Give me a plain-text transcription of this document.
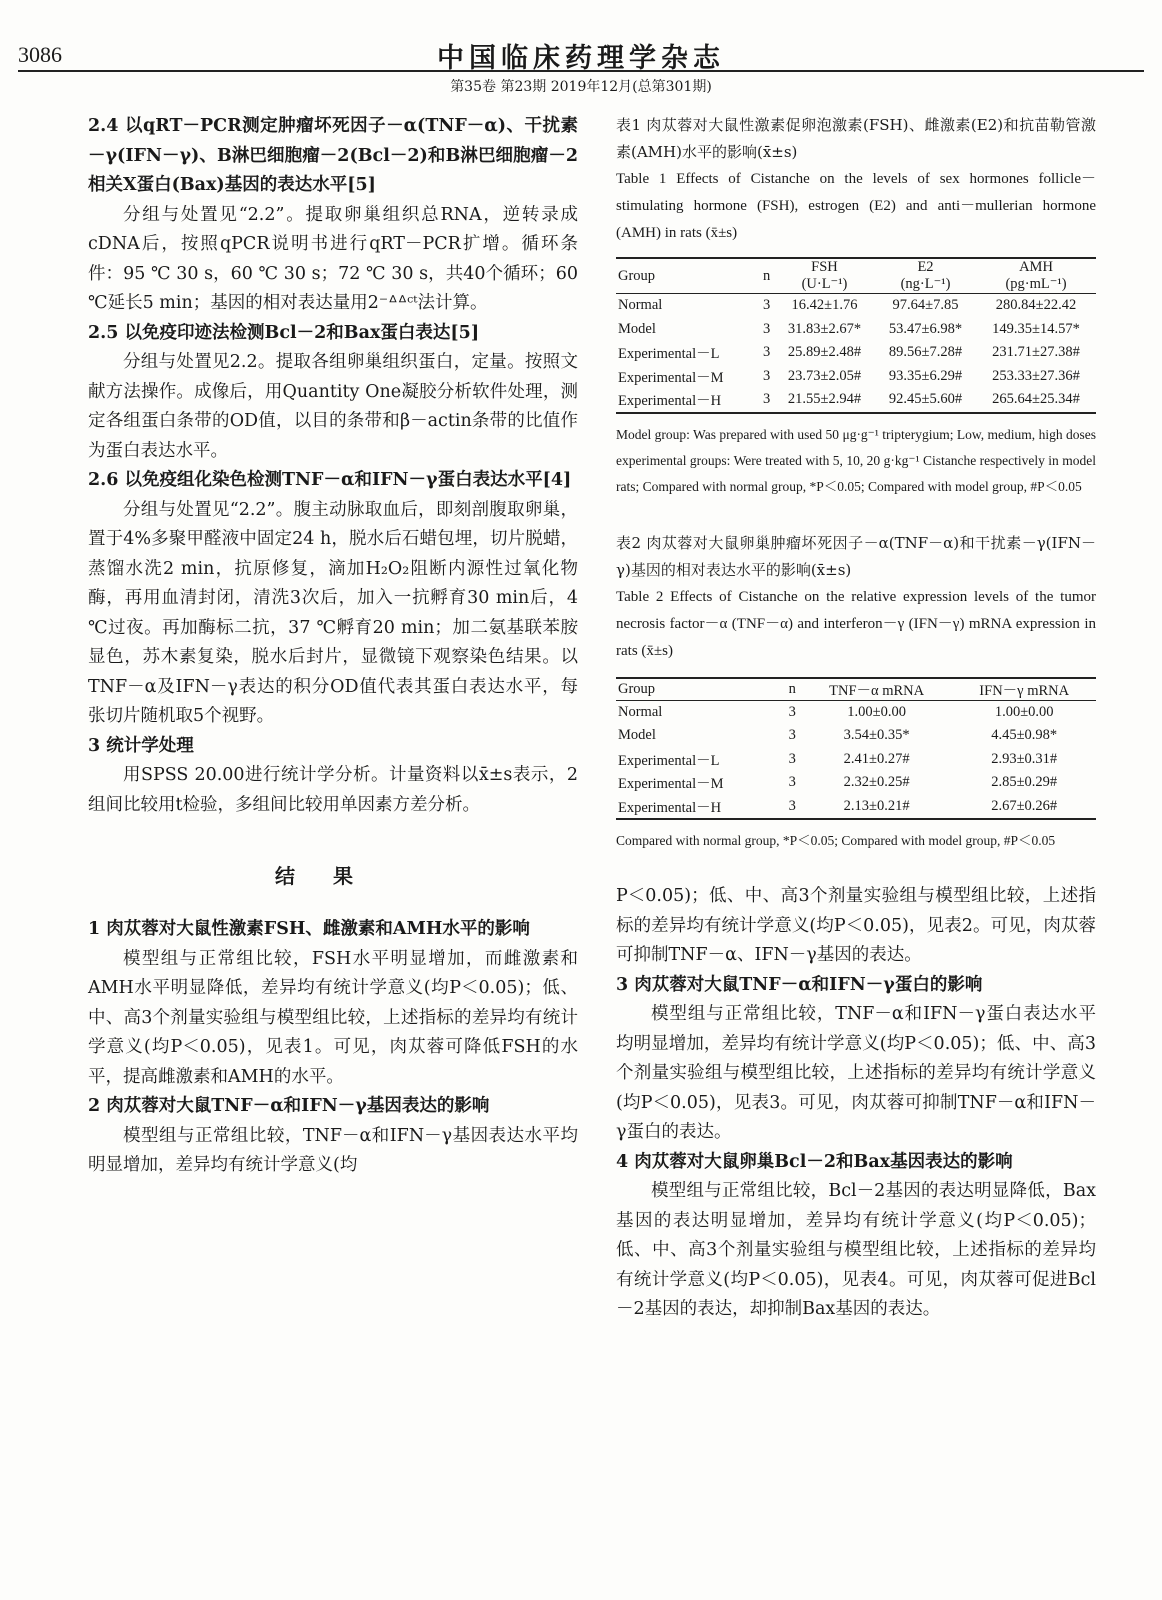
3086	中国临床药理学杂志
第35卷 第23期 2019年12月(总第301期)

2.4 以qRT－PCR测定肿瘤坏死因子－α(TNF－α)、干扰素－γ(IFN－γ)、B淋巴细胞瘤－2(Bcl－2)和B淋巴细胞瘤－2相关X蛋白(Bax)基因的表达水平[5]

分组与处置见“2.2”。提取卵巢组织总RNA，逆转录成cDNA后，按照qPCR说明书进行qRT－PCR扩增。循环条件：95 ℃ 30 s，60 ℃ 30 s；72 ℃ 30 s，共40个循环；60 ℃延长5 min；基因的相对表达量用2⁻ᐞᐞᶜᵗ法计算。

2.5 以免疫印迹法检测Bcl－2和Bax蛋白表达[5]

分组与处置见2.2。提取各组卵巢组织蛋白，定量。按照文献方法操作。成像后，用Quantity One凝胶分析软件处理，测定各组蛋白条带的OD值，以目的条带和β－actin条带的比值作为蛋白表达水平。

2.6 以免疫组化染色检测TNF－α和IFN－γ蛋白表达水平[4]

分组与处置见“2.2”。腹主动脉取血后，即刻剖腹取卵巢，置于4%多聚甲醛液中固定24 h，脱水后石蜡包埋，切片脱蜡，蒸馏水洗2 min，抗原修复，滴加H₂O₂阻断内源性过氧化物酶，再用血清封闭，清洗3次后，加入一抗孵育30 min后，4 ℃过夜。再加酶标二抗，37 ℃孵育20 min；加二氨基联苯胺显色，苏木素复染，脱水后封片，显微镜下观察染色结果。以TNF－α及IFN－γ表达的积分OD值代表其蛋白表达水平，每张切片随机取5个视野。

3 统计学处理

用SPSS 20.00进行统计学分析。计量资料以x̄±s表示，2组间比较用t检验，多组间比较用单因素方差分析。

结果

1 肉苁蓉对大鼠性激素FSH、雌激素和AMH水平的影响

模型组与正常组比较，FSH水平明显增加，而雌激素和AMH水平明显降低，差异均有统计学意义(均P＜0.05)；低、中、高3个剂量实验组与模型组比较，上述指标的差异均有统计学意义(均P＜0.05)，见表1。可见，肉苁蓉可降低FSH的水平，提高雌激素和AMH的水平。

2 肉苁蓉对大鼠TNF－α和IFN－γ基因表达的影响

模型组与正常组比较，TNF－α和IFN－γ基因表达水平均明显增加，差异均有统计学意义(均

表1 肉苁蓉对大鼠性激素促卵泡激素(FSH)、雌激素(E2)和抗苗勒管激素(AMH)水平的影响(x̄±s)

Table 1 Effects of Cistanche on the levels of sex hormones follicle－stimulating hormone (FSH), estrogen (E2) and anti－mullerian hormone (AMH) in rats (x̄±s)

Group	n	FSH	E2	AMH
		(U·L⁻¹)	(ng·L⁻¹)	(pg·mL⁻¹)
Normal	3	16.42±1.76	97.64±7.85	280.84±22.42
Model	3	31.83±2.67*	53.47±6.98*	149.35±14.57*
Experimental－L	3	25.89±2.48#	89.56±7.28#	231.71±27.38#
Experimental－M	3	23.73±2.05#	93.35±6.29#	253.33±27.36#
Experimental－H	3	21.55±2.94#	92.45±5.60#	265.64±25.34#
Model group: Was prepared with used 50 μg·g⁻¹ tripterygium; Low, medium, high doses experimental groups: Were treated with 5, 10, 20 g·kg⁻¹ Cistanche respectively in model rats; Compared with normal group, *P＜0.05; Compared with model group, #P＜0.05

表2 肉苁蓉对大鼠卵巢肿瘤坏死因子－α(TNF－α)和干扰素－γ(IFN－γ)基因的相对表达水平的影响(x̄±s)

Table 2 Effects of Cistanche on the relative expression levels of the tumor necrosis factor－α (TNF－α) and interferon－γ (IFN－γ) mRNA expression in rats (x̄±s)

Group	n	TNF－α mRNA	IFN－γ mRNA
Normal	3	1.00±0.00	1.00±0.00
Model	3	3.54±0.35*	4.45±0.98*
Experimental－L	3	2.41±0.27#	2.93±0.31#
Experimental－M	3	2.32±0.25#	2.85±0.29#
Experimental－H	3	2.13±0.21#	2.67±0.26#
Compared with normal group, *P＜0.05; Compared with model group, #P＜0.05

P＜0.05)；低、中、高3个剂量实验组与模型组比较，上述指标的差异均有统计学意义(均P＜0.05)，见表2。可见，肉苁蓉可抑制TNF－α、IFN－γ基因的表达。

3 肉苁蓉对大鼠TNF－α和IFN－γ蛋白的影响

模型组与正常组比较，TNF－α和IFN－γ蛋白表达水平均明显增加，差异均有统计学意义(均P＜0.05)；低、中、高3个剂量实验组与模型组比较，上述指标的差异均有统计学意义(均P＜0.05)，见表3。可见，肉苁蓉可抑制TNF－α和IFN－γ蛋白的表达。

4 肉苁蓉对大鼠卵巢Bcl－2和Bax基因表达的影响

模型组与正常组比较，Bcl－2基因的表达明显降低，Bax基因的表达明显增加，差异均有统计学意义(均P＜0.05)；低、中、高3个剂量实验组与模型组比较，上述指标的差异均有统计学意义(均P＜0.05)，见表4。可见，肉苁蓉可促进Bcl－2基因的表达，却抑制Bax基因的表达。
